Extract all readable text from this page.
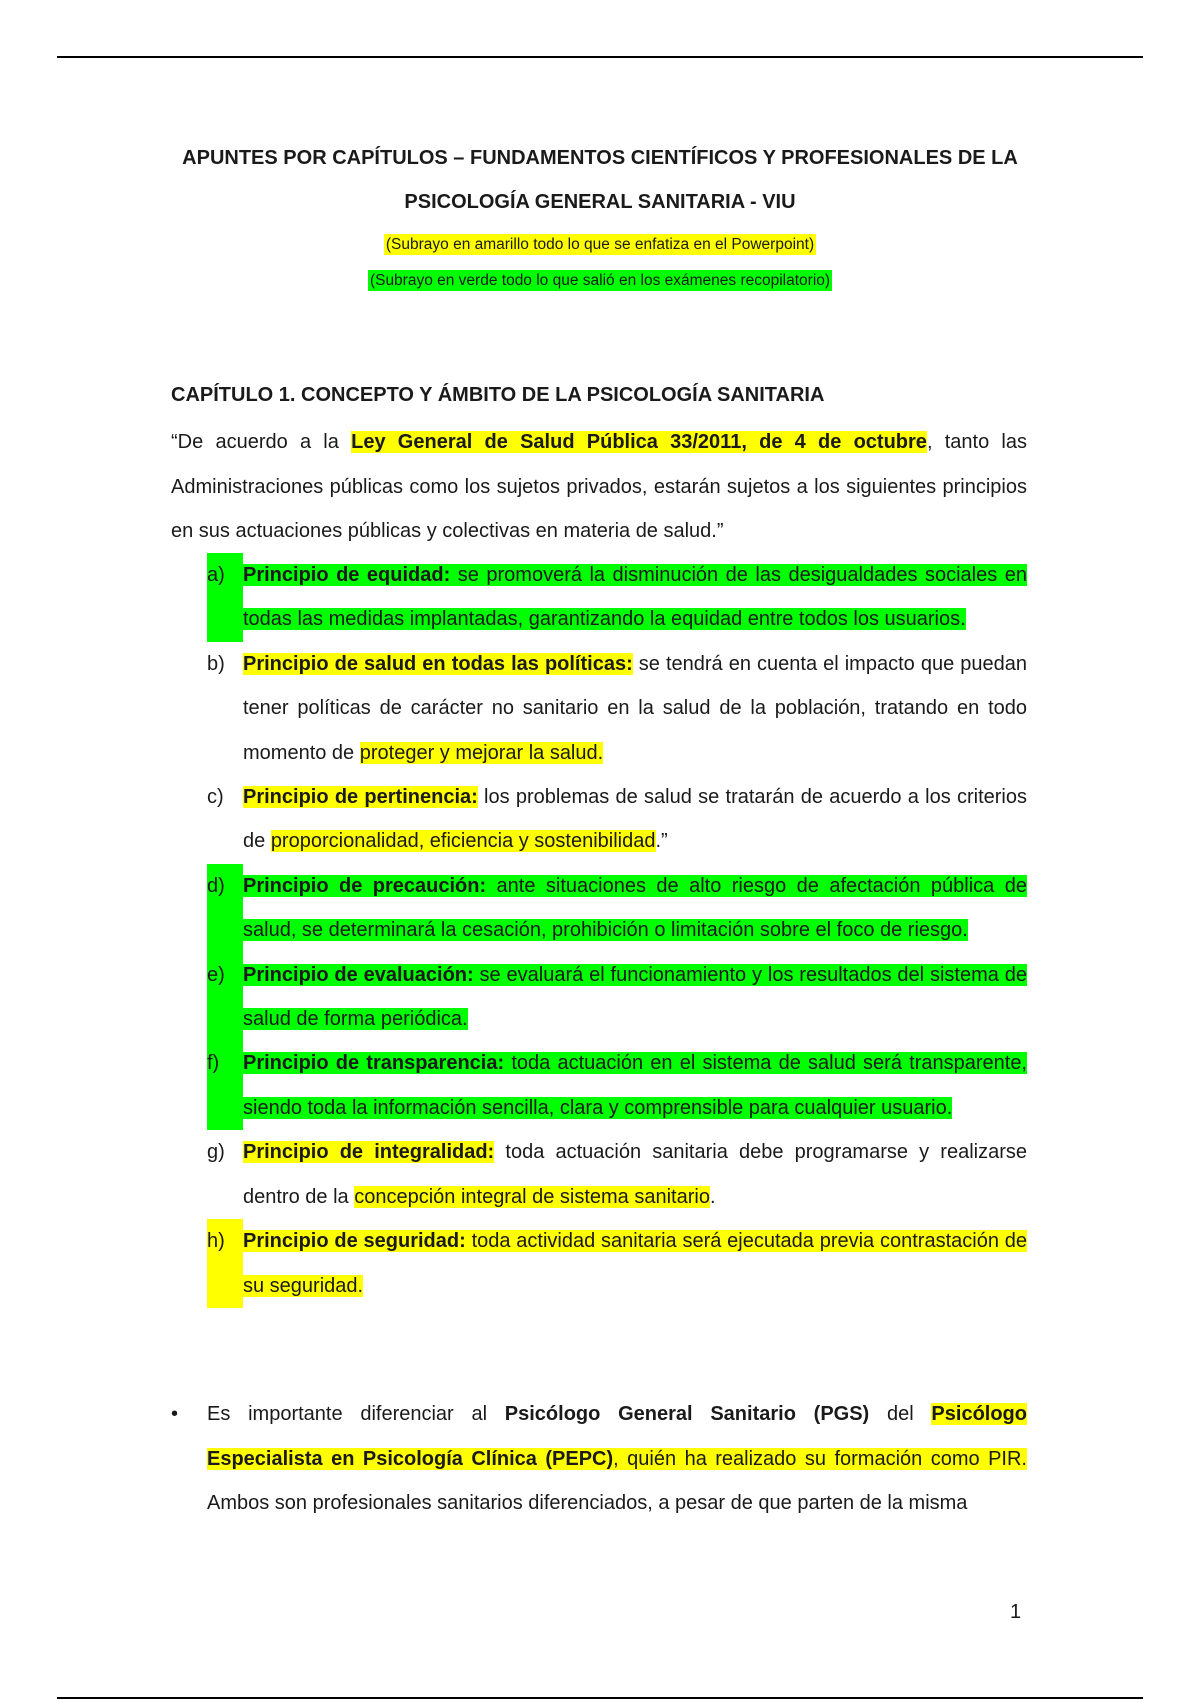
APUNTES POR CAPÍTULOS – FUNDAMENTOS CIENTÍFICOS Y PROFESIONALES DE LA
PSICOLOGÍA GENERAL SANITARIA - VIU
(Subrayo en amarillo todo lo que se enfatiza en el Powerpoint)
(Subrayo en verde todo lo que salió en los exámenes recopilatorio)
CAPÍTULO 1. CONCEPTO Y ÁMBITO DE LA PSICOLOGÍA SANITARIA
“De acuerdo a la Ley General de Salud Pública 33/2011, de 4 de octubre, tanto las Administraciones públicas como los sujetos privados, estarán sujetos a los siguientes principios en sus actuaciones públicas y colectivas en materia de salud.”
a) Principio de equidad: se promoverá la disminución de las desigualdades sociales en todas las medidas implantadas, garantizando la equidad entre todos los usuarios.
b) Principio de salud en todas las políticas: se tendrá en cuenta el impacto que puedan tener políticas de carácter no sanitario en la salud de la población, tratando en todo momento de proteger y mejorar la salud.
c) Principio de pertinencia: los problemas de salud se tratarán de acuerdo a los criterios de proporcionalidad, eficiencia y sostenibilidad.”
d) Principio de precaución: ante situaciones de alto riesgo de afectación pública de salud, se determinará la cesación, prohibición o limitación sobre el foco de riesgo.
e) Principio de evaluación: se evaluará el funcionamiento y los resultados del sistema de salud de forma periódica.
f)	Principio de transparencia: toda actuación en el sistema de salud será transparente, siendo toda la información sencilla, clara y comprensible para cualquier usuario.
g) Principio de integralidad: toda actuación sanitaria debe programarse y realizarse dentro de la concepción integral de sistema sanitario.
h) Principio de seguridad: toda actividad sanitaria será ejecutada previa contrastación de su seguridad.
•	Es importante diferenciar al Psicólogo General Sanitario (PGS) del Psicólogo Especialista en Psicología Clínica (PEPC), quién ha realizado su formación como PIR. Ambos son profesionales sanitarios diferenciados, a pesar de que parten de la misma
1
